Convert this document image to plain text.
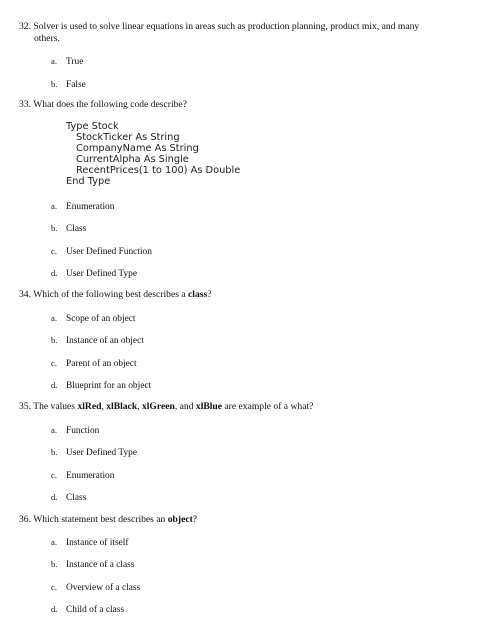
32. Solver is used to solve linear equations in areas such as production planning, product mix, and many
others.
a. True
b. False
33. What does the following code describe?
Type Stock
StockTicker As String
CompanyName As String
CurrentAlpha As Single
RecentPrices(1 to 100) As Double
End Type
a. Enumeration
b. Class
c. User Defined Function
d. User Defined Type
34. Which of the following best describes a class?
a. Scope of an object
b. Instance of an object
c. Parent of an object
d. Blueprint for an object
35. The values xlRed, xlBlack, xlGreen, and xlBlue are example of a what?
a. Function
b. User Defined Type
c. Enumeration
d. Class
36. Which statement best describes an object?
a. Instance of itself
b. Instance of a class
c. Overview of a class
d. Child of a class
